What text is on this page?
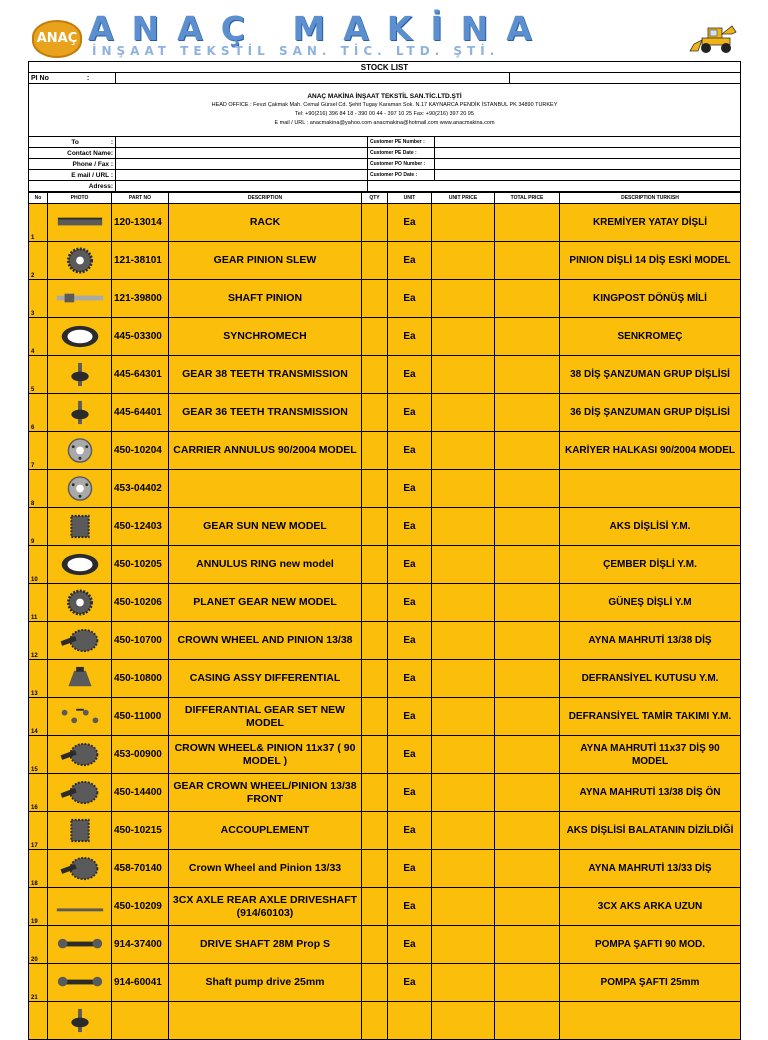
ANAÇ ANAÇ MAKİNA
İNŞAAT TEKSTİL SAN. TİC. LTD. ŞTİ.
STOCK LIST				
PI No :				

ANAÇ MAKİNA İNŞAAT TEKSTİL SAN.TİC.LTD.ŞTİ
HEAD OFFICE : Fevzi Çakmak Mah. Cemal Gürsel Cd. Şehit Tugay Karaman Sok. N.17 KAYNARCA PENDİK İSTANBUL PK 34890 TURKEY
Tel: +90(216) 396 84 18 - 390 00 44 - 397 10 25 Fax: +90(216) 397 20 95
E mail / URL : anacmakina@yahoo.com anacmakina@hotmail.com www.anacmakina.com				

To :		Customer PE Number :		
Contact Name:		Customer PE Date :		
Phone / Fax :		Customer PO Number :		
E mail / URL :		Customer PO Date :		
Adress:				
No	PHOTO	PART NO	DESCRIPTION	QTY	UNIT	UNIT PRICE	TOTAL PRICE	DESCRIPTION TURKISH
1		120-13014	RACK		Ea			KREMİYER YATAY DİŞLİ
2		121-38101	GEAR PINION SLEW		Ea			PINION DİŞLİ 14 DİŞ ESKİ MODEL
3		121-39800	SHAFT PINION		Ea			KINGPOST DÖNÜŞ MİLİ
4		445-03300	SYNCHROMECH		Ea			SENKROMEÇ
5		445-64301	GEAR 38 TEETH TRANSMISSION		Ea			38 DİŞ ŞANZUMAN GRUP DİŞLİSİ
6		445-64401	GEAR 36 TEETH TRANSMISSION		Ea			36 DİŞ ŞANZUMAN GRUP DİŞLİSİ
7		450-10204	CARRIER ANNULUS 90/2004 MODEL		Ea			KARİYER HALKASI 90/2004 MODEL
8		453-04402			Ea			
9		450-12403	GEAR SUN NEW MODEL		Ea			AKS DİŞLİSİ Y.M.
10		450-10205	ANNULUS RING new model		Ea			ÇEMBER DİŞLİ Y.M.
11		450-10206	PLANET GEAR NEW MODEL		Ea			GÜNEŞ DİŞLİ Y.M
12		450-10700	CROWN WHEEL AND PINION 13/38		Ea			AYNA MAHRUTİ 13/38 DİŞ
13		450-10800	CASING ASSY DIFFERENTIAL		Ea			DEFRANSİYEL KUTUSU Y.M.
14		450-11000	DIFFERANTIAL GEAR SET NEW MODEL		Ea			DEFRANSİYEL TAMİR TAKIMI Y.M.
15		453-00900	CROWN WHEEL& PINION 11x37 ( 90 MODEL )		Ea			AYNA MAHRUTİ 11x37 DİŞ 90 MODEL
16		450-14400	GEAR CROWN WHEEL/PINION 13/38 FRONT		Ea			AYNA MAHRUTİ 13/38 DİŞ ÖN
17		450-10215	ACCOUPLEMENT		Ea			AKS DİŞLİSİ BALATANIN DİZİLDİĞİ
18		458-70140	Crown Wheel and Pinion 13/33		Ea			AYNA MAHRUTİ 13/33 DİŞ
19		450-10209	3CX AXLE REAR AXLE DRIVESHAFT (914/60103)		Ea			3CX AKS ARKA UZUN
20		914-37400	DRIVE SHAFT 28M Prop S		Ea			POMPA ŞAFTI 90 MOD.
21		914-60041	Shaft pump drive 25mm		Ea			POMPA ŞAFTI 25mm
